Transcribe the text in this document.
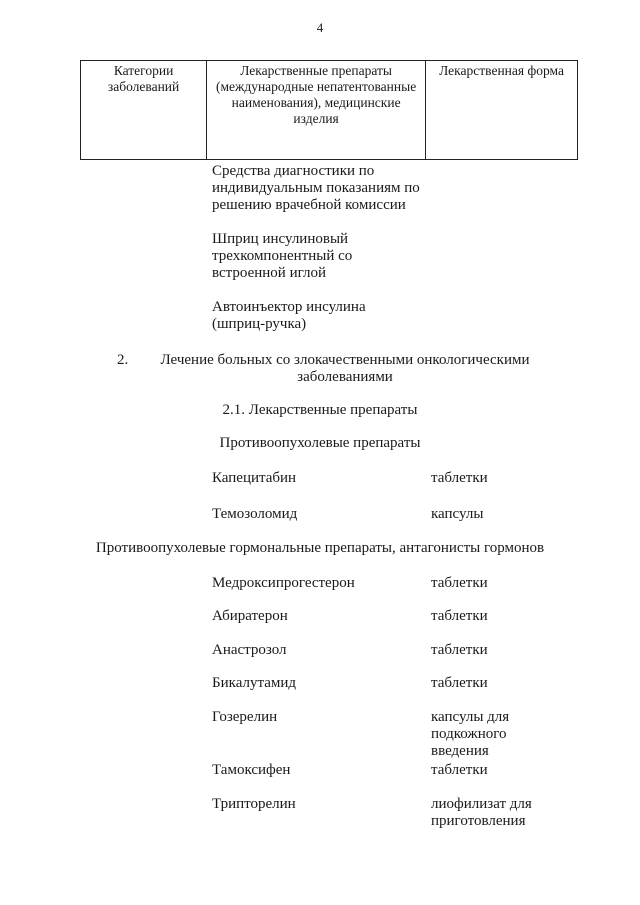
4
Категории заболеваний	Лекарственные препараты (международные непатентованные наименования), медицинские изделия	Лекарственная форма
Средства диагностики по индивидуальным показаниям по решению врачебной комиссии
Шприц инсулиновый трехкомпонентный со встроенной иглой
Автоинъектор инсулина (шприц-ручка)
2.	Лечение больных со злокачественными онкологическими заболеваниями
2.1. Лекарственные препараты
Противоопухолевые препараты
Капецитабин	таблетки
Темозоломид	капсулы
Противоопухолевые гормональные препараты, антагонисты гормонов
Медроксипрогестерон	таблетки
Абиратерон	таблетки
Анастрозол	таблетки
Бикалутамид	таблетки
Гозерелин	капсулы для подкожного введения
Тамоксифен	таблетки
Трипторелин	лиофилизат для приготовления
